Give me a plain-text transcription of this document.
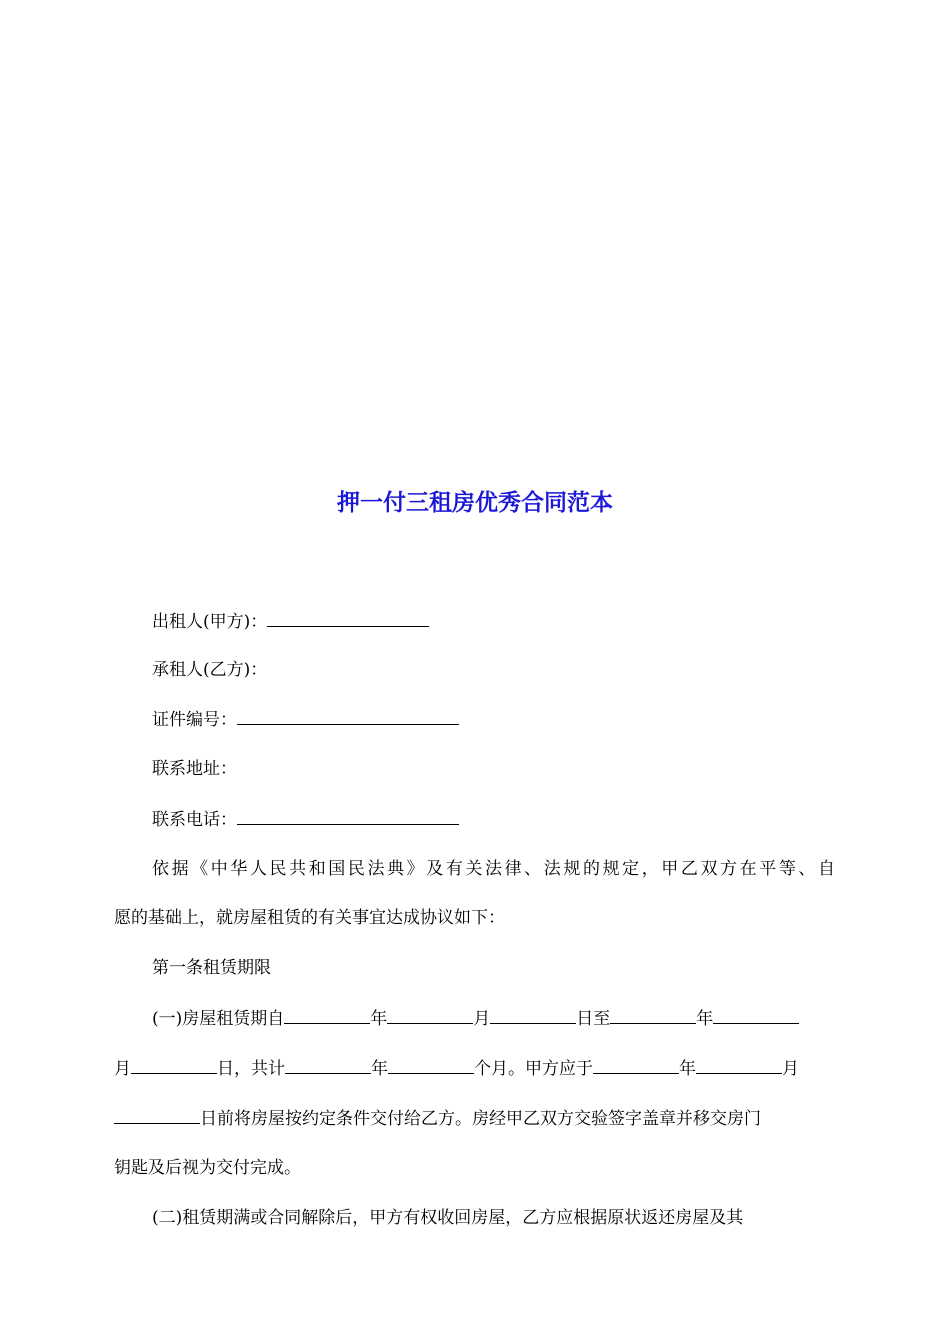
押一付三租房优秀合同范本
出租人(甲方)：
承租人(乙方)：
证件编号：
联系地址：
联系电话：
依据《中华人民共和国民法典》及有关法律、法规的规定，甲乙双方在平等、自
愿的基础上，就房屋租赁的有关事宜达成协议如下：
第一条租赁期限
(一)房屋租赁期自	年	月	日至	年
月	日，共计	年	个月。甲方应于	年	月
日前将房屋按约定条件交付给乙方。房经甲乙双方交验签字盖章并移交房门
钥匙及后视为交付完成。
(二)租赁期满或合同解除后，甲方有权收回房屋，乙方应根据原状返还房屋及其
